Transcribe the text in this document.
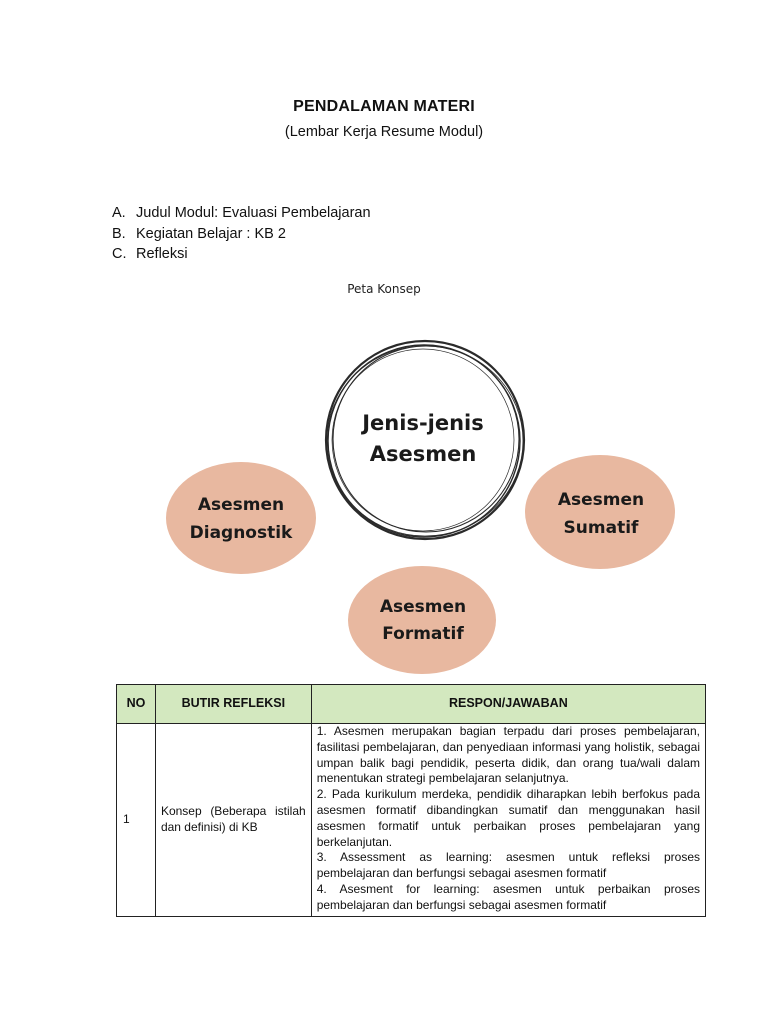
PENDALAMAN MATERI
(Lembar Kerja Resume Modul)
A. Judul Modul: Evaluasi Pembelajaran
B. Kegiatan Belajar : KB 2
C. Refleksi
Peta Konsep
Jenis-jenis
Asesmen
Asesmen
Diagnostik
Asesmen
Sumatif
Asesmen
Formatif
NO	BUTIR REFLEKSI	RESPON/JAWABAN
1	Konsep (Beberapa istilah dan definisi) di KB	1. Asesmen merupakan bagian terpadu dari proses pembelajaran, fasilitasi pembelajaran, dan penyediaan informasi yang holistik, sebagai umpan balik bagi pendidik, peserta didik, dan orang tua/wali dalam menentukan strategi pembelajaran selanjutnya.
2. Pada kurikulum merdeka, pendidik diharapkan lebih berfokus pada asesmen formatif dibandingkan sumatif dan menggunakan hasil asesmen formatif untuk perbaikan proses pembelajaran yang berkelanjutan.
3. Assessment as learning: asesmen untuk refleksi proses pembelajaran dan berfungsi sebagai asesmen formatif
4. Asesment for learning: asesmen untuk perbaikan proses pembelajaran dan berfungsi sebagai asesmen formatif
